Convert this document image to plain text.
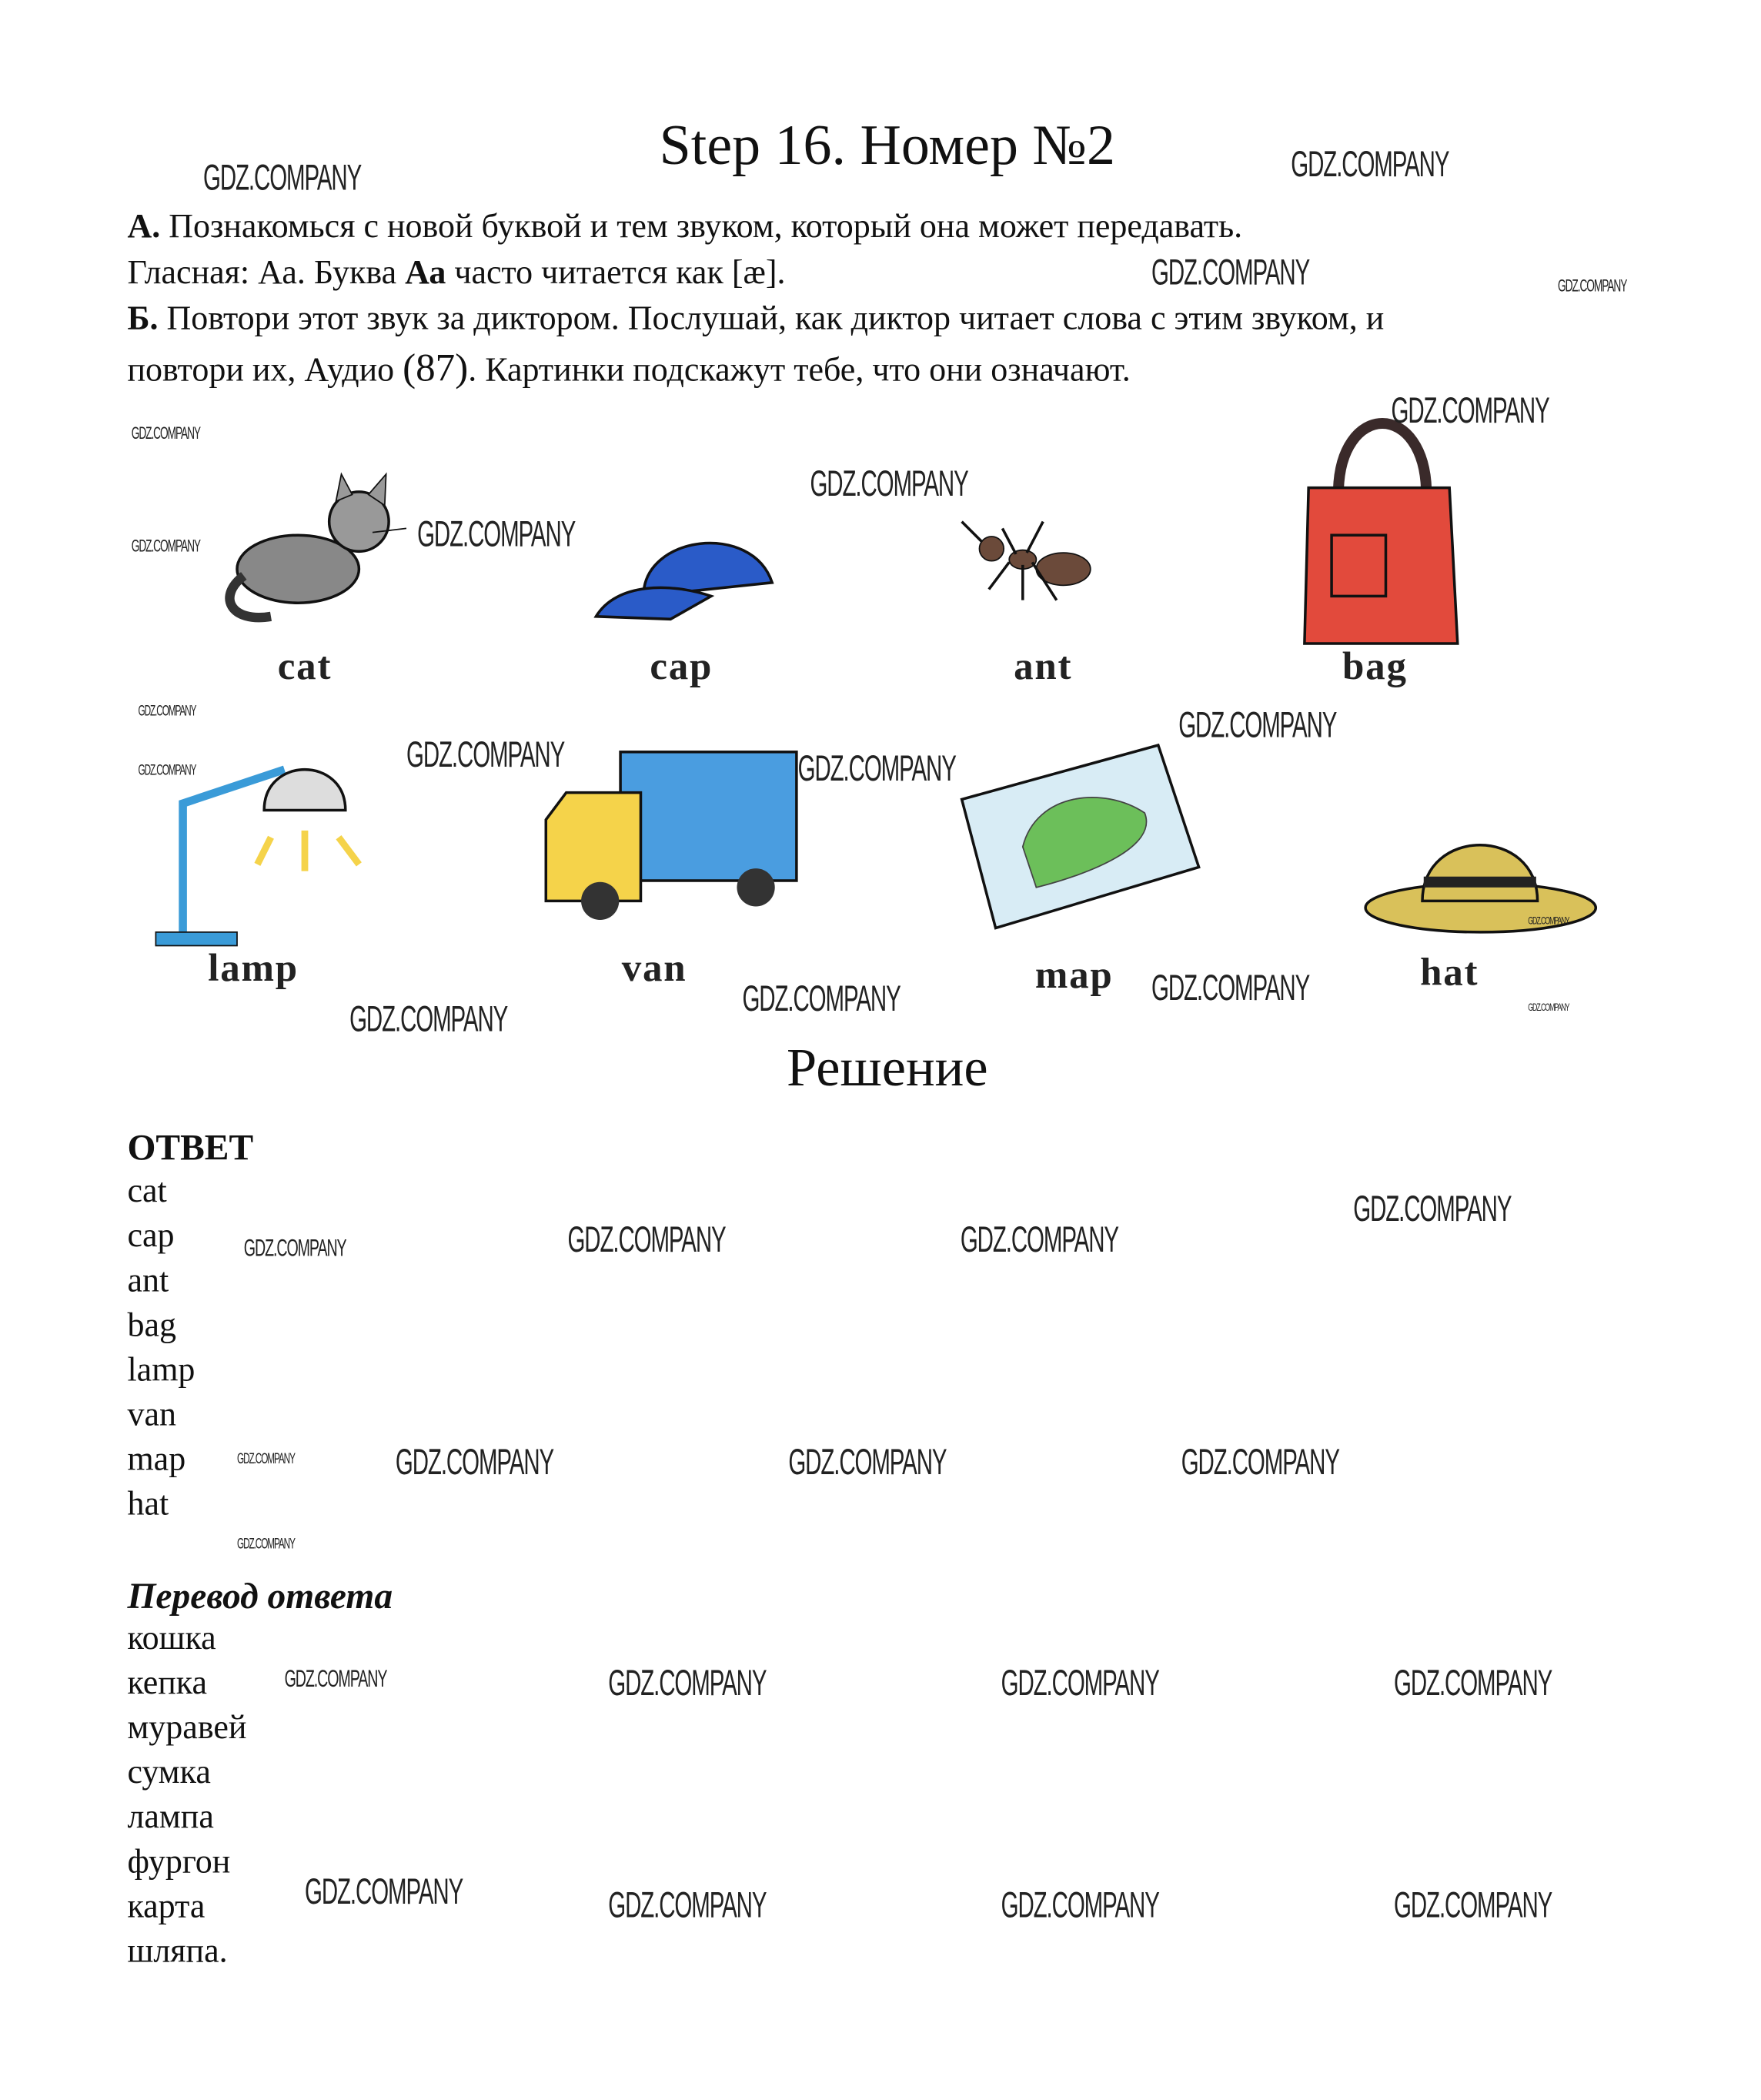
Step 16. Номер №2
А. Познакомься с новой буквой и тем звуком, который она может передавать.
Гласная: Аа. Буква Аа часто читается как [æ].
Б. Повтори этот звук за диктором. Послушай, как диктор читает слова с этим звуком, и
повтори их, Аудио (87). Картинки подскажут тебе, что они означают.
cat	cap	ant	bag
lamp	van	map	hat
Решение
ОТВЕТ
cat
cap
ant
bag
lamp
van
map
hat
Перевод ответа
кошка
кепка
муравей
сумка
лампа
фургон
карта
шляпа.
GDZ.COMPANY	GDZ.COMPANY
GDZ.COMPANY
GDZ.COMPANY
GDZ.COMPANY
GDZ.COMPANY
GDZ.COMPANY
GDZ.COMPANY	GDZ.COMPANY
GDZ.COMPANY	GDZ.COMPANY
GDZ.COMPANY
GDZ.COMPANY	GDZ.COMPANY
GDZ.COMPANY
GDZ.COMPANY	GDZ.COMPANY
GDZ.COMPANY	GDZ.COMPANY	GDZ.COMPANY
GDZ.COMPANY
GDZ.COMPANY	GDZ.COMPANY	GDZ.COMPANY	GDZ.COMPANY
GDZ.COMPANY
GDZ.COMPANY	GDZ.COMPANY	GDZ.COMPANY	GDZ.COMPANY
GDZ.COMPANY	GDZ.COMPANY	GDZ.COMPANY	GDZ.COMPANY
GDZ.COMPANY
GDZ.COMPANY
